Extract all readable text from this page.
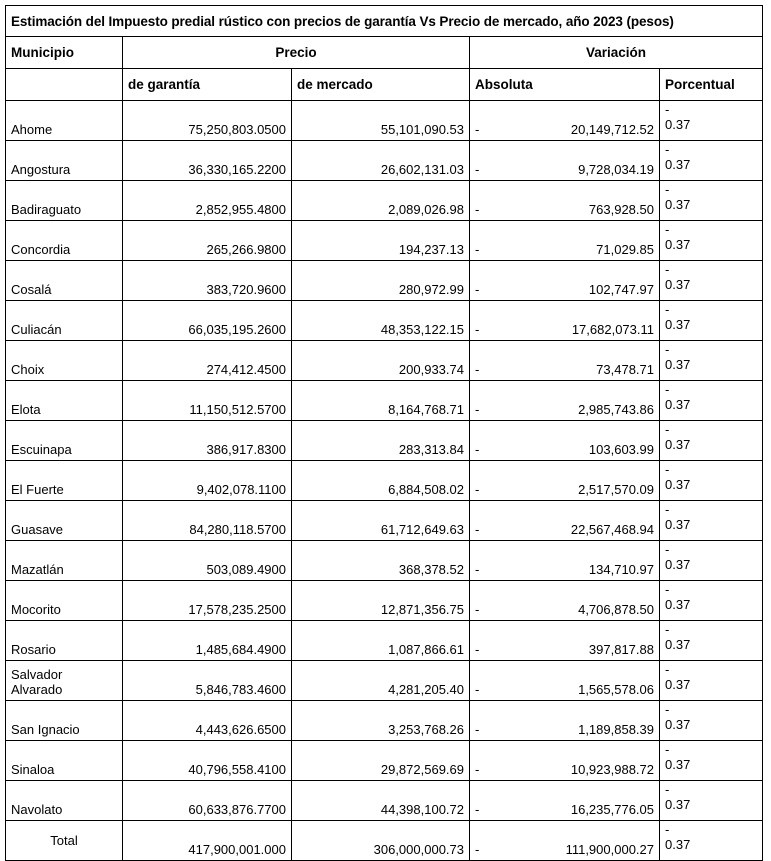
Estimación del Impuesto predial rústico con precios de garantía Vs Precio de mercado, año 2023 (pesos)				
Municipio	Precio		Variación	
	de garantía	de mercado	Absoluta	Porcentual
Ahome	75,250,803.0500	55,101,090.53	- 20,149,712.52	-
0.37

Angostura	36,330,165.2200	26,602,131.03	- 9,728,034.19	-
0.37

Badiraguato	2,852,955.4800	2,089,026.98	- 763,928.50	-
0.37

Concordia	265,266.9800	194,237.13	- 71,029.85	-
0.37

Cosalá	383,720.9600	280,972.99	- 102,747.97	-
0.37

Culiacán	66,035,195.2600	48,353,122.15	- 17,682,073.11	-
0.37

Choix	274,412.4500	200,933.74	- 73,478.71	-
0.37

Elota	11,150,512.5700	8,164,768.71	- 2,985,743.86	-
0.37

Escuinapa	386,917.8300	283,313.84	- 103,603.99	-
0.37

El Fuerte	9,402,078.1100	6,884,508.02	- 2,517,570.09	-
0.37

Guasave	84,280,118.5700	61,712,649.63	- 22,567,468.94	-
0.37

Mazatlán	503,089.4900	368,378.52	- 134,710.97	-
0.37

Mocorito	17,578,235.2500	12,871,356.75	- 4,706,878.50	-
0.37

Rosario	1,485,684.4900	1,087,866.61	- 397,817.88	-
0.37

Salvador
Alvarado	5,846,783.4600	4,281,205.40	- 1,565,578.06	-
0.37

San Ignacio	4,443,626.6500	3,253,768.26	- 1,189,858.39	-
0.37

Sinaloa	40,796,558.4100	29,872,569.69	- 10,923,988.72	-
0.37

Navolato	60,633,876.7700	44,398,100.72	- 16,235,776.05	-
0.37

Total	417,900,001.000	306,000,000.73	- 111,900,000.27	-
0.37
